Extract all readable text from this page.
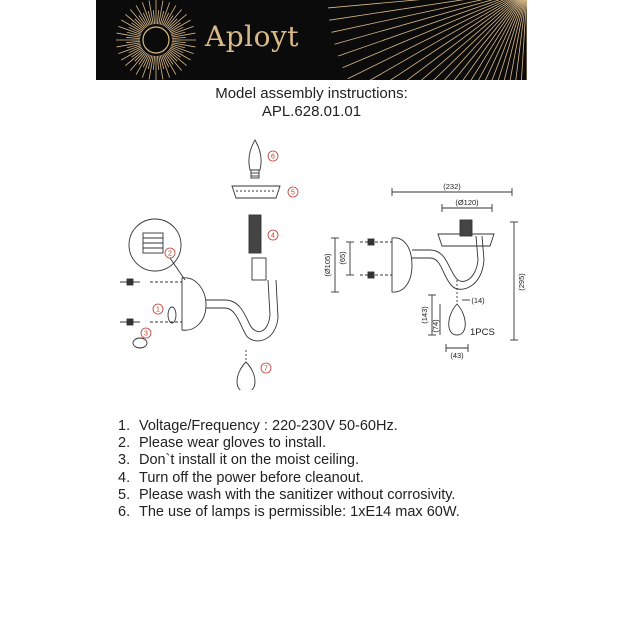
Aployt
Model assembly instructions:
APL.628.01.01
6
5
4
2
1
3
7
(232)
(Ø120)
(295)
(Ø105) (65)
(143)
(74)
(43)
(14)
1PCS
1. Voltage/Frequency : 220-230V 50-60Hz.
2. Please wear gloves to install.
3. Don`t install it on the moist ceiling.
4. Turn off the power before cleanout.
5. Please wash with the sanitizer without corrosivity.
6. The use of lamps is permissible: 1xE14 max 60W.
